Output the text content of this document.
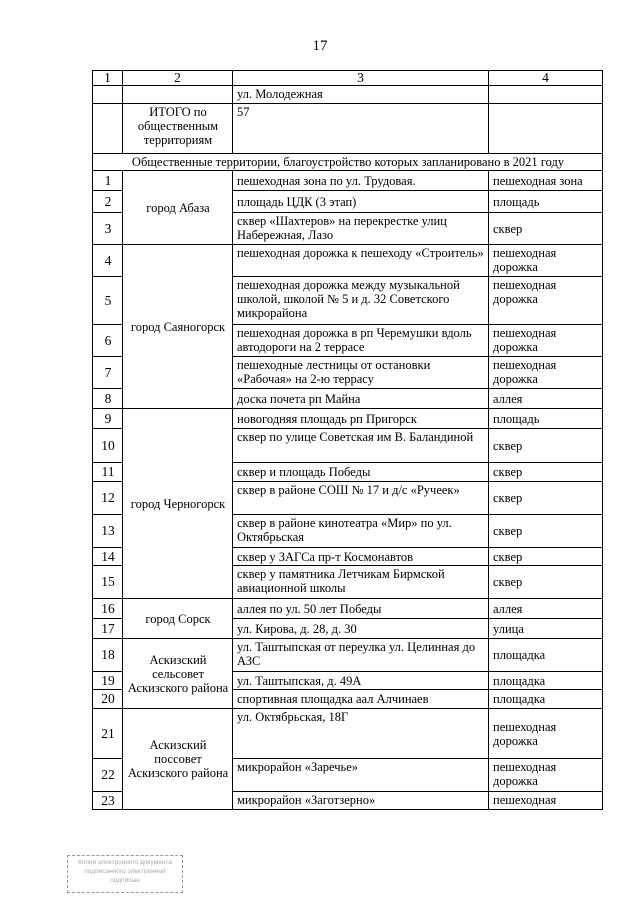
17
1	2	3	4
		ул. Молодежная	
	ИТОГО по общественным территориям	57	
Общественные территории, благоустройство которых запланировано в 2021 году			
1	город Абаза	пешеходная зона по ул. Трудовая.	пешеходная зона
2		площадь ЦДК (3 этап)	площадь
3		сквер «Шахтеров» на перекрестке улиц Набережная, Лазо	сквер
4	город Саяногорск	пешеходная дорожка к пешеходу «Строитель»	пешеходная дорожка
5		пешеходная дорожка между музыкальной школой, школой № 5 и д. 32 Советского микрорайона	пешеходная дорожка
6		пешеходная дорожка в рп Черемушки вдоль автодороги на 2 террасе	пешеходная дорожка
7		пешеходные лестницы от остановки «Рабочая» на 2-ю террасу	пешеходная дорожка
8		доска почета рп Майна	аллея
9	город Черногорск	новогодняя площадь рп Пригорск	площадь
10		сквер по улице Советская им В. Баландиной	сквер
11		сквер и площадь Победы	сквер
12		сквер в районе СОШ № 17 и д/с «Ручеек»	сквер
13		сквер в районе кинотеатра «Мир» по ул. Октябрьская	сквер
14		сквер у ЗАГСа пр-т Космонавтов	сквер
15		сквер у памятника Летчикам Бирмской авиационной школы	сквер
16	город Сорск	аллея по ул. 50 лет Победы	аллея
17		ул. Кирова, д. 28, д. 30	улица
18	Аскизский сельсовет Аскизского района	ул. Таштыпская от переулка ул. Целинная до АЗС	площадка
19		ул. Таштыпская, д. 49А	площадка
20		спортивная площадка аал Алчинаев	площадка
21	Аскизский поссовет Аскизского района	ул. Октябрьская, 18Г	пешеходная дорожка
22		микрорайон «Заречье»	пешеходная дорожка
23		микрорайон «Заготзерно»	пешеходная
Копия электронного документа подписанного электронной подписью
